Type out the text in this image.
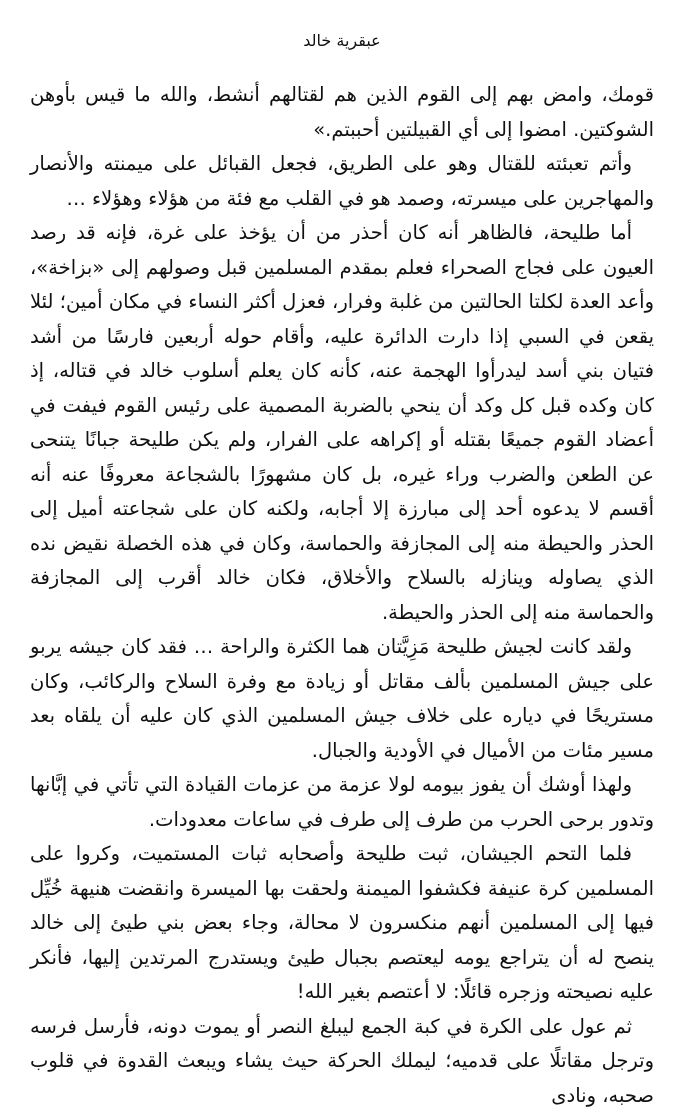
عبقرية خالد

قومك، وامض بهم إلى القوم الذين هم لقتالهم أنشط، والله ما قيس بأوهن الشوكتين. امضوا إلى أي القبيلتين أحببتم.»

وأتم تعبئته للقتال وهو على الطريق، فجعل القبائل على ميمنته والأنصار والمهاجرين على ميسرته، وصمد هو في القلب مع فئة من هؤلاء وهؤلاء …

أما طليحة، فالظاهر أنه كان أحذر من أن يؤخذ على غرة، فإنه قد رصد العيون على فجاج الصحراء فعلم بمقدم المسلمين قبل وصولهم إلى «بزاخة»، وأعد العدة لكلتا الحالتين من غلبة وفرار، فعزل أكثر النساء في مكان أمين؛ لئلا يقعن في السبي إذا دارت الدائرة عليه، وأقام حوله أربعين فارسًا من أشد فتيان بني أسد ليدرأوا الهجمة عنه، كأنه كان يعلم أسلوب خالد في قتاله، إذ كان وكده قبل كل وكد أن ينحي بالضربة المصمية على رئيس القوم فيفت في أعضاد القوم جميعًا بقتله أو إكراهه على الفرار، ولم يكن طليحة جبانًا يتنحى عن الطعن والضرب وراء غيره، بل كان مشهورًا بالشجاعة معروفًا عنه أنه أقسم لا يدعوه أحد إلى مبارزة إلا أجابه، ولكنه كان على شجاعته أميل إلى الحذر والحيطة منه إلى المجازفة والحماسة، وكان في هذه الخصلة نقيض نده الذي يصاوله وينازله بالسلاح والأخلاق، فكان خالد أقرب إلى المجازفة والحماسة منه إلى الحذر والحيطة.

ولقد كانت لجيش طليحة مَزِيَّتان هما الكثرة والراحة … فقد كان جيشه يربو على جيش المسلمين بألف مقاتل أو زيادة مع وفرة السلاح والركائب، وكان مستريحًا في دياره على خلاف جيش المسلمين الذي كان عليه أن يلقاه بعد مسير مئات من الأميال في الأودية والجبال.

ولهذا أوشك أن يفوز بيومه لولا عزمة من عزمات القيادة التي تأتي في إبَّانها وتدور برحى الحرب من طرف إلى طرف في ساعات معدودات.

فلما التحم الجيشان، ثبت طليحة وأصحابه ثبات المستميت، وكروا على المسلمين كرة عنيفة فكشفوا الميمنة ولحقت بها الميسرة وانقضت هنيهة خُيِّل فيها إلى المسلمين أنهم منكسرون لا محالة، وجاء بعض بني طيئ إلى خالد ينصح له أن يتراجع يومه ليعتصم بجبال طيئ ويستدرج المرتدين إليها، فأنكر عليه نصيحته وزجره قائلًا: لا أعتصم بغير الله!

ثم عول على الكرة في كبة الجمع ليبلغ النصر أو يموت دونه، فأرسل فرسه وترجل مقاتلًا على قدميه؛ ليملك الحركة حيث يشاء ويبعث القدوة في قلوب صحبه، ونادى
